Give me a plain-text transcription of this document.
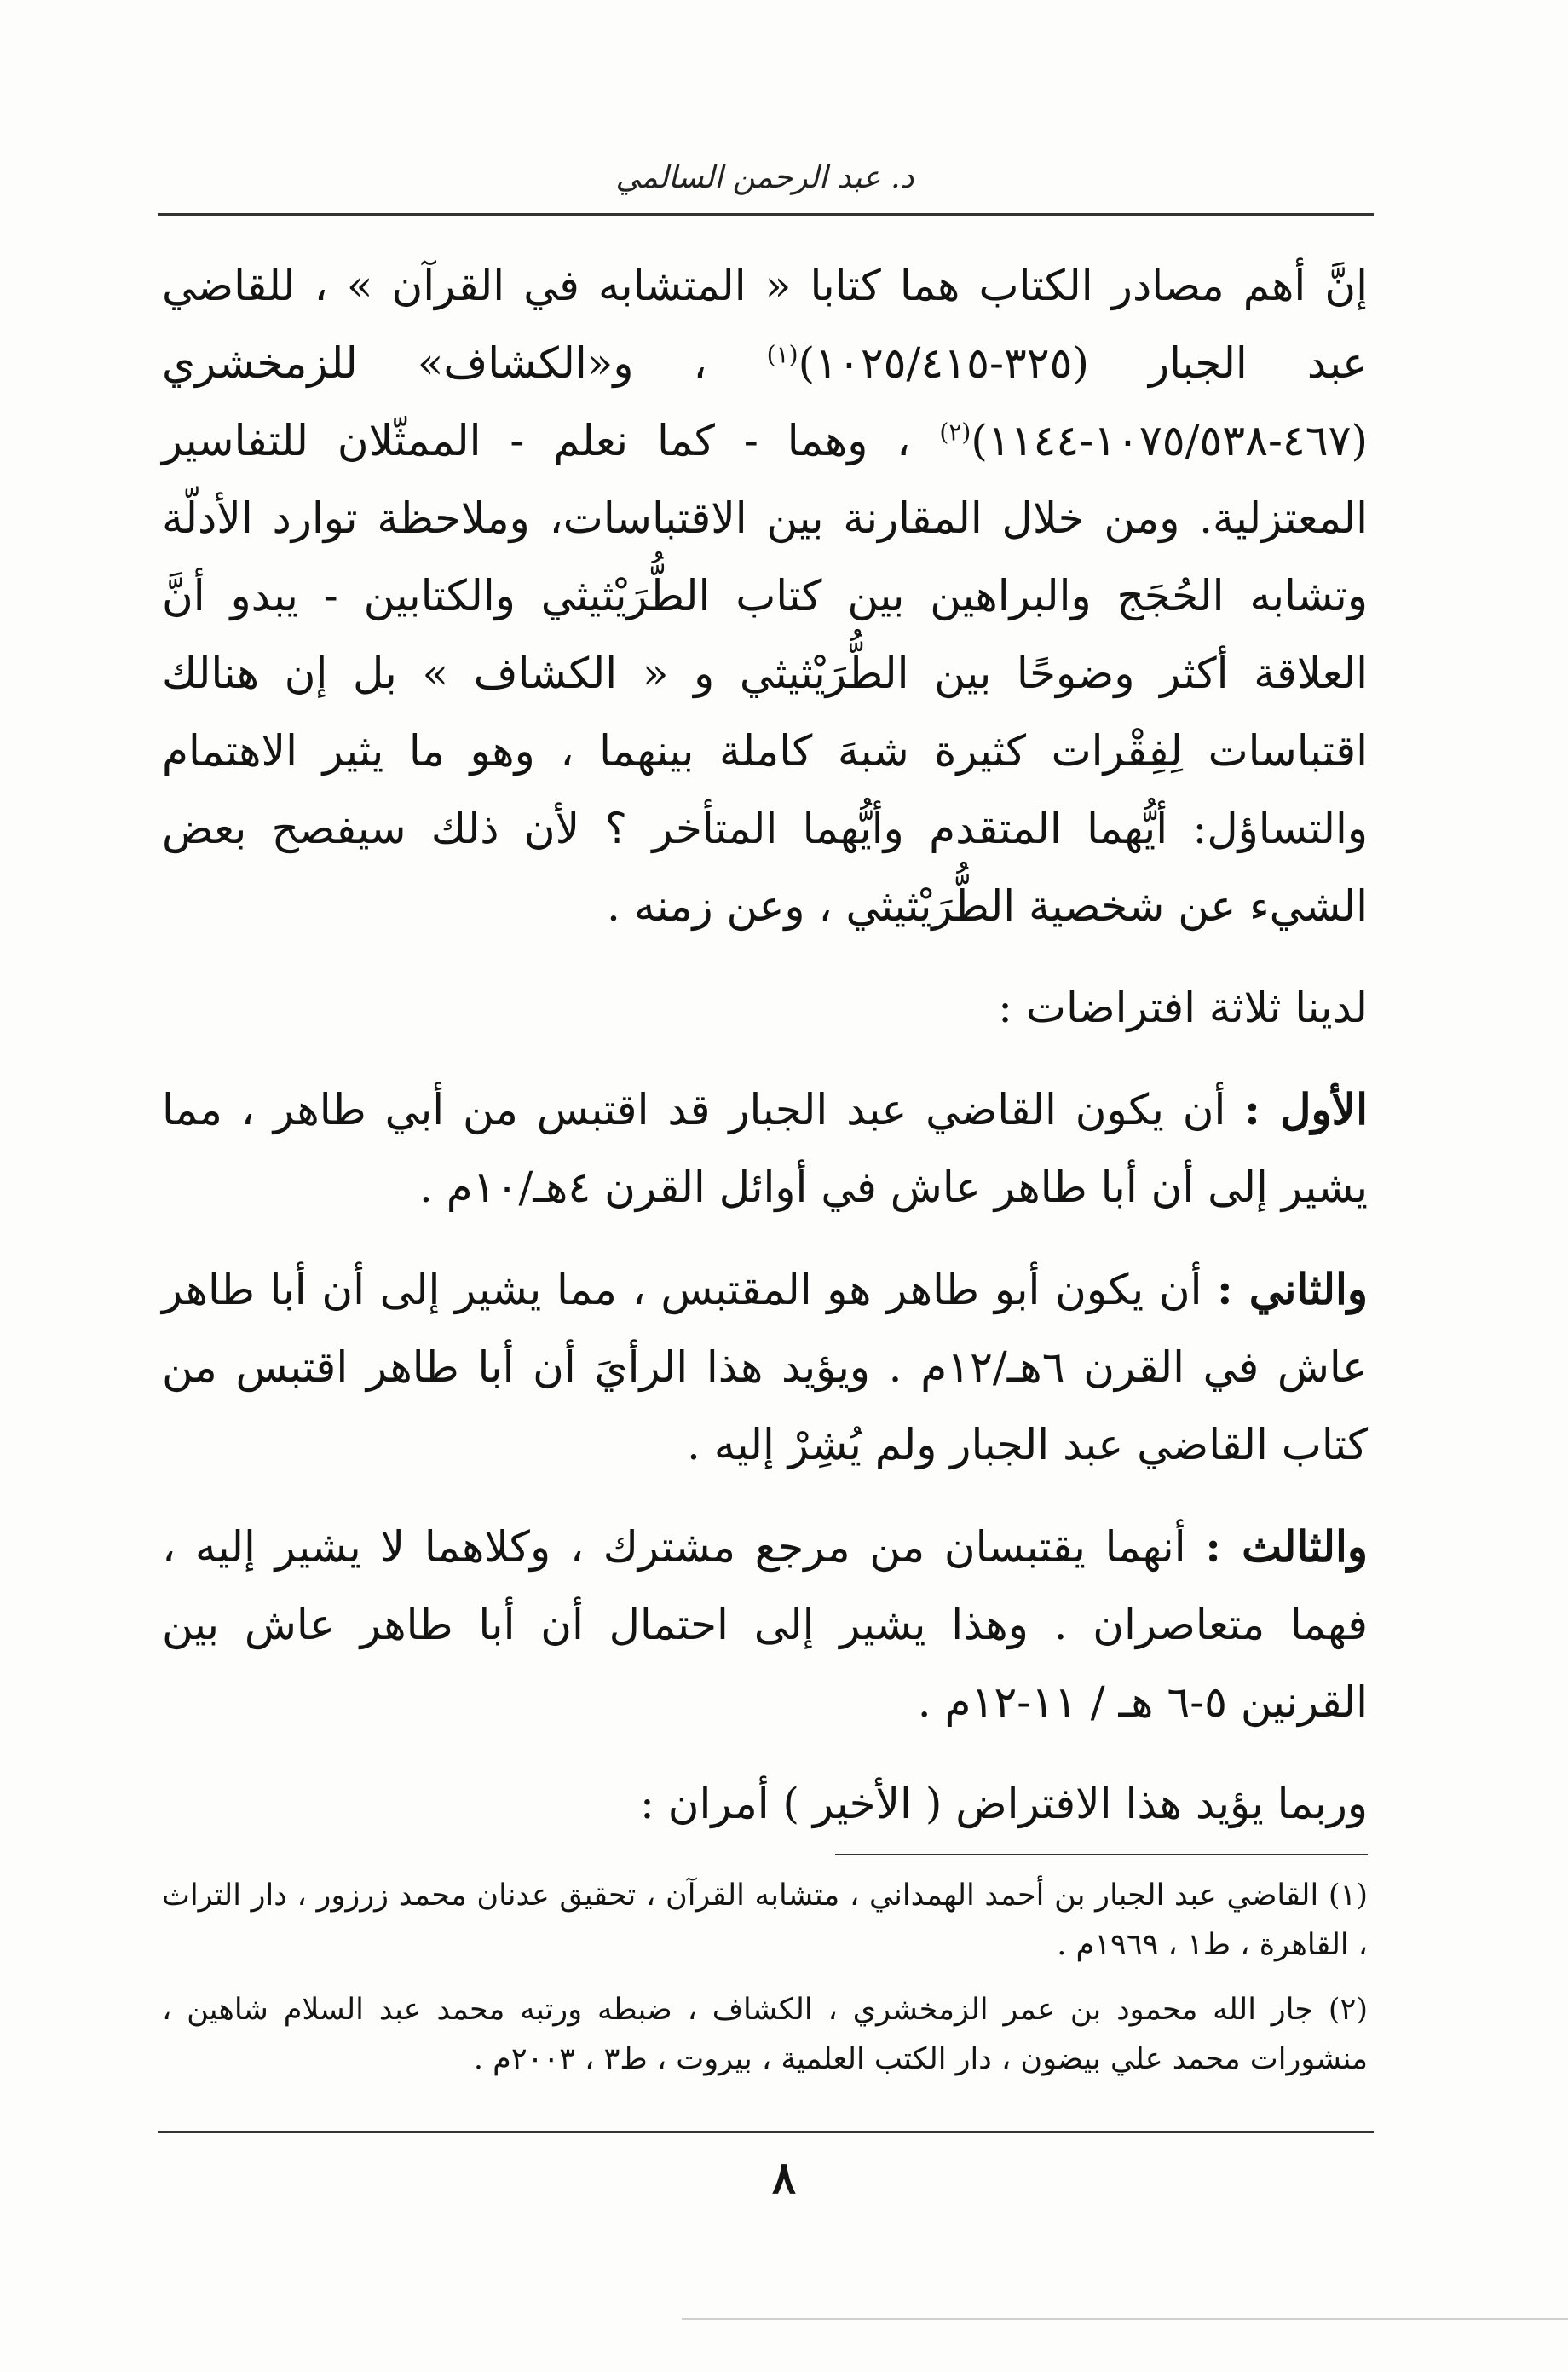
د. عبد الرحمن السالمي

إنَّ أهم مصادر الكتاب هما كتابا « المتشابه في القرآن » ، للقاضي عبد الجبار (٣٢٥-١٠٢٥/٤١٥)$^{(١)}$ ، و«الكشاف» للزمخشري (٤٦٧-١٠٧٥/٥٣٨-١١٤٤)$^{(٢)}$ ، وهما - كما نعلم - الممثّلان للتفاسير المعتزلية. ومن خلال المقارنة بين الاقتباسات، وملاحظة توارد الأدلّة وتشابه الحُجَج والبراهين بين كتاب الطُّرَيْثيثي والكتابين - يبدو أنَّ العلاقة أكثر وضوحًا بين الطُّرَيْثيثي و « الكشاف » بل إن هنالك اقتباسات لِفِقْرات كثيرة شبهَ كاملة بينهما ، وهو ما يثير الاهتمام والتساؤل: أيُّهما المتقدم وأيُّهما المتأخر ؟ لأن ذلك سيفصح بعض الشيء عن شخصية الطُّرَيْثيثي ، وعن زمنه .

لدينا ثلاثة افتراضات :

الأول : أن يكون القاضي عبد الجبار قد اقتبس من أبي طاهر ، مما يشير إلى أن أبا طاهر عاش في أوائل القرن ٤هـ/١٠م .

والثاني : أن يكون أبو طاهر هو المقتبس ، مما يشير إلى أن أبا طاهر عاش في القرن ٦هـ/١٢م . ويؤيد هذا الرأيَ أن أبا طاهر اقتبس من كتاب القاضي عبد الجبار ولم يُشِرْ إليه .

والثالث : أنهما يقتبسان من مرجع مشترك ، وكلاهما لا يشير إليه ، فهما متعاصران . وهذا يشير إلى احتمال أن أبا طاهر عاش بين القرنين ٥-٦ هـ / ١١-١٢م .

وربما يؤيد هذا الافتراض ( الأخير ) أمران :

(١) القاضي عبد الجبار بن أحمد الهمداني ، متشابه القرآن ، تحقيق عدنان محمد زرزور ، دار التراث ، القاهرة ، ط١ ، ١٩٦٩م .

(٢) جار الله محمود بن عمر الزمخشري ، الكشاف ، ضبطه ورتبه محمد عبد السلام شاهين ، منشورات محمد علي بيضون ، دار الكتب العلمية ، بيروت ، ط٣ ، ٢٠٠٣م .

٨
